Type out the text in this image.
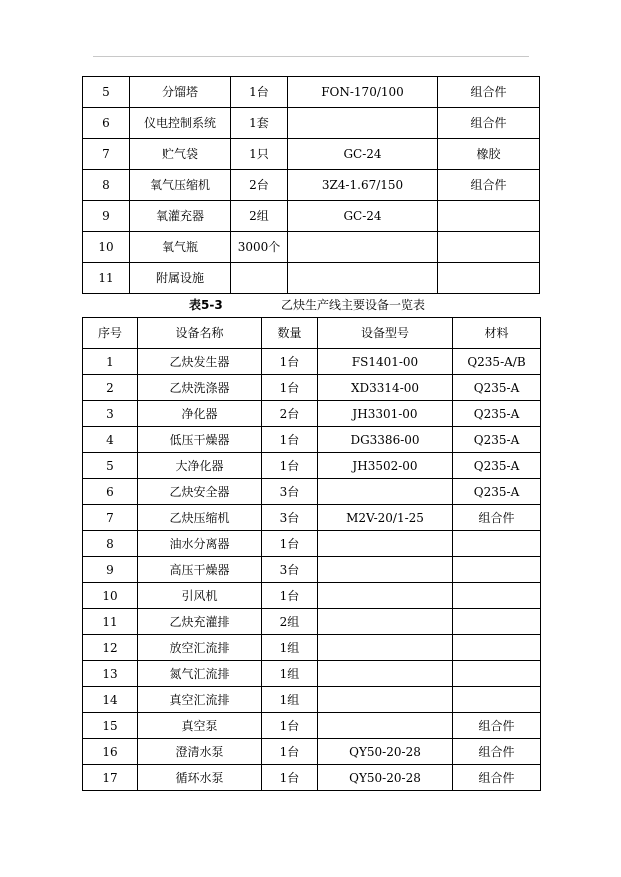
5	分馏塔	1台	FON-170/100	组合件
6	仪电控制系统	1套		组合件
7	贮气袋	1只	GC-24	橡胶
8	氧气压缩机	2台	3Z4-1.67/150	组合件
9	氧灌充器	2组	GC-24	
10	氧气瓶	3000个		
11	附属设施			
表5-3	乙炔生产线主要设备一览表
序号	设备名称	数量	设备型号	材料
1	乙炔发生器	1台	FS1401-00	Q235-A/B
2	乙炔洗涤器	1台	XD3314-00	Q235-A
3	净化器	2台	JH3301-00	Q235-A
4	低压干燥器	1台	DG3386-00	Q235-A
5	大净化器	1台	JH3502-00	Q235-A
6	乙炔安全器	3台		Q235-A
7	乙炔压缩机	3台	M2V-20/1-25	组合件
8	油水分离器	1台		
9	高压干燥器	3台		
10	引风机	1台		
11	乙炔充灌排	2组		
12	放空汇流排	1组		
13	氮气汇流排	1组		
14	真空汇流排	1组		
15	真空泵	1台		组合件
16	澄清水泵	1台	QY50-20-28	组合件
17	循环水泵	1台	QY50-20-28	组合件
